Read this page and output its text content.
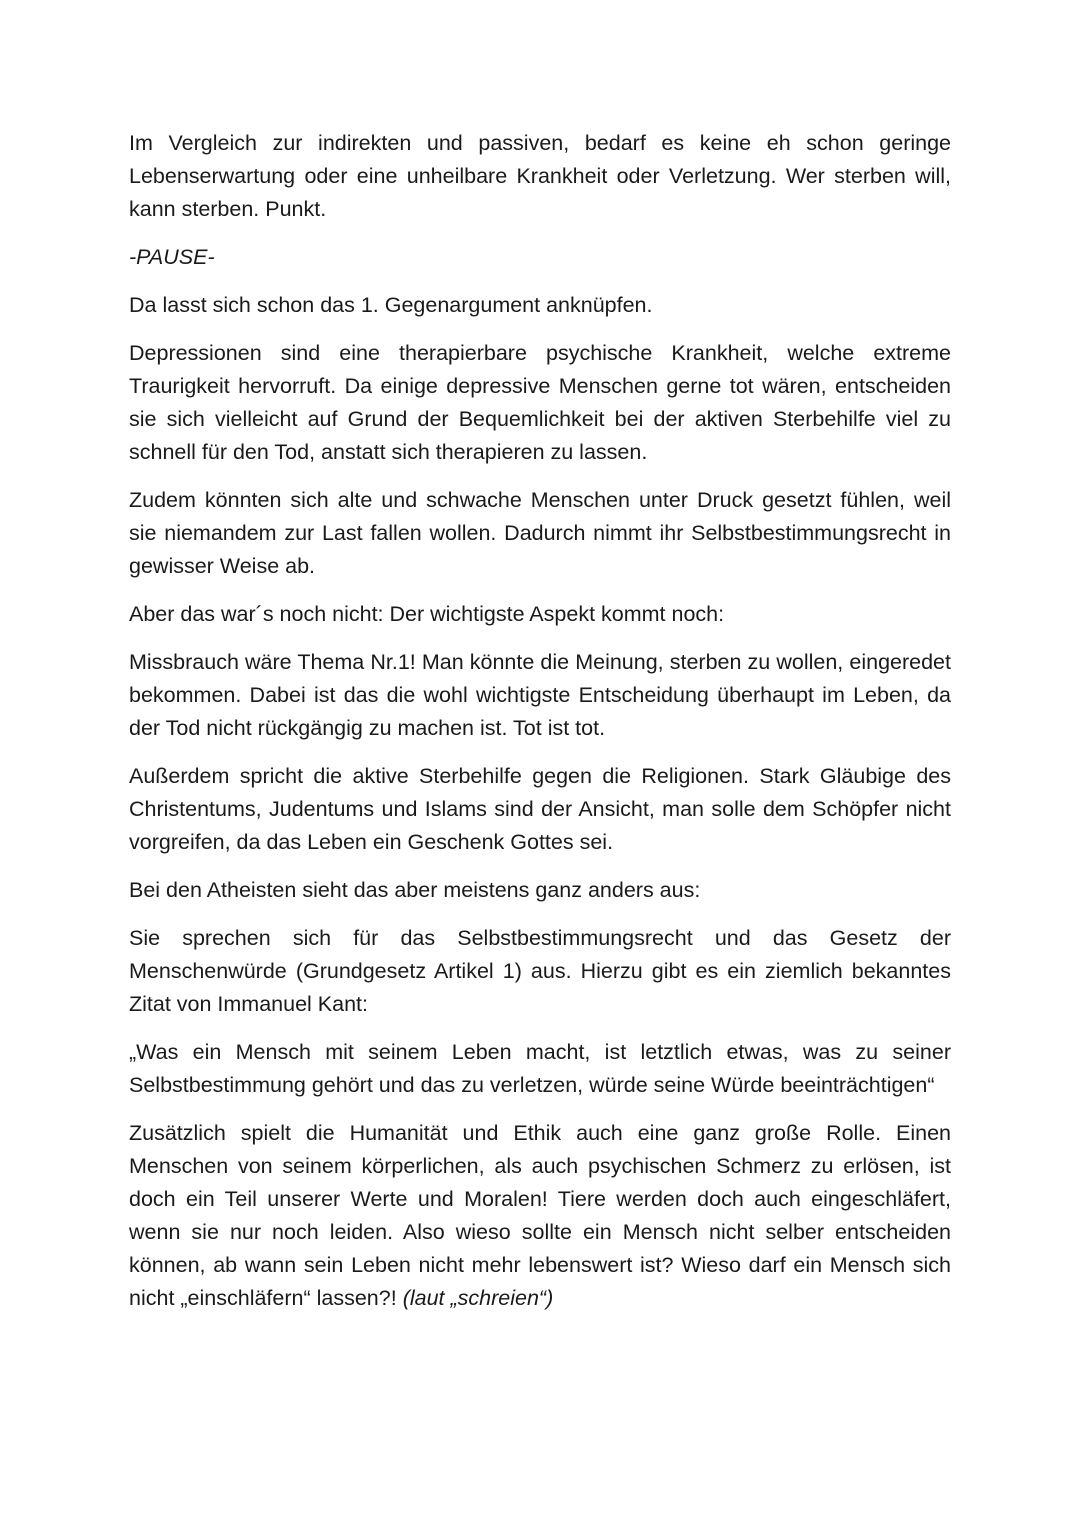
Im Vergleich zur indirekten und passiven, bedarf es keine eh schon geringe Lebenserwartung oder eine unheilbare Krankheit oder Verletzung. Wer sterben will, kann sterben. Punkt.

-PAUSE-

Da lasst sich schon das 1. Gegenargument anknüpfen.

Depressionen sind eine therapierbare psychische Krankheit, welche extreme Traurigkeit hervorruft. Da einige depressive Menschen gerne tot wären, entscheiden sie sich vielleicht auf Grund der Bequemlichkeit bei der aktiven Sterbehilfe viel zu schnell für den Tod, anstatt sich therapieren zu lassen.

Zudem könnten sich alte und schwache Menschen unter Druck gesetzt fühlen, weil sie niemandem zur Last fallen wollen. Dadurch nimmt ihr Selbstbestimmungsrecht in gewisser Weise ab.

Aber das war´s noch nicht: Der wichtigste Aspekt kommt noch:

Missbrauch wäre Thema Nr.1! Man könnte die Meinung, sterben zu wollen, eingeredet bekommen. Dabei ist das die wohl wichtigste Entscheidung überhaupt im Leben, da der Tod nicht rückgängig zu machen ist. Tot ist tot.

Außerdem spricht die aktive Sterbehilfe gegen die Religionen. Stark Gläubige des Christentums, Judentums und Islams sind der Ansicht, man solle dem Schöpfer nicht vorgreifen, da das Leben ein Geschenk Gottes sei.

Bei den Atheisten sieht das aber meistens ganz anders aus:

Sie sprechen sich für das Selbstbestimmungsrecht und das Gesetz der Menschenwürde (Grundgesetz Artikel 1) aus. Hierzu gibt es ein ziemlich bekanntes Zitat von Immanuel Kant:

„Was ein Mensch mit seinem Leben macht, ist letztlich etwas, was zu seiner Selbstbestimmung gehört und das zu verletzen, würde seine Würde beeinträchtigen“

Zusätzlich spielt die Humanität und Ethik auch eine ganz große Rolle. Einen Menschen von seinem körperlichen, als auch psychischen Schmerz zu erlösen, ist doch ein Teil unserer Werte und Moralen! Tiere werden doch auch eingeschläfert, wenn sie nur noch leiden. Also wieso sollte ein Mensch nicht selber entscheiden können, ab wann sein Leben nicht mehr lebenswert ist? Wieso darf ein Mensch sich nicht „einschläfern“ lassen?! (laut „schreien“)
